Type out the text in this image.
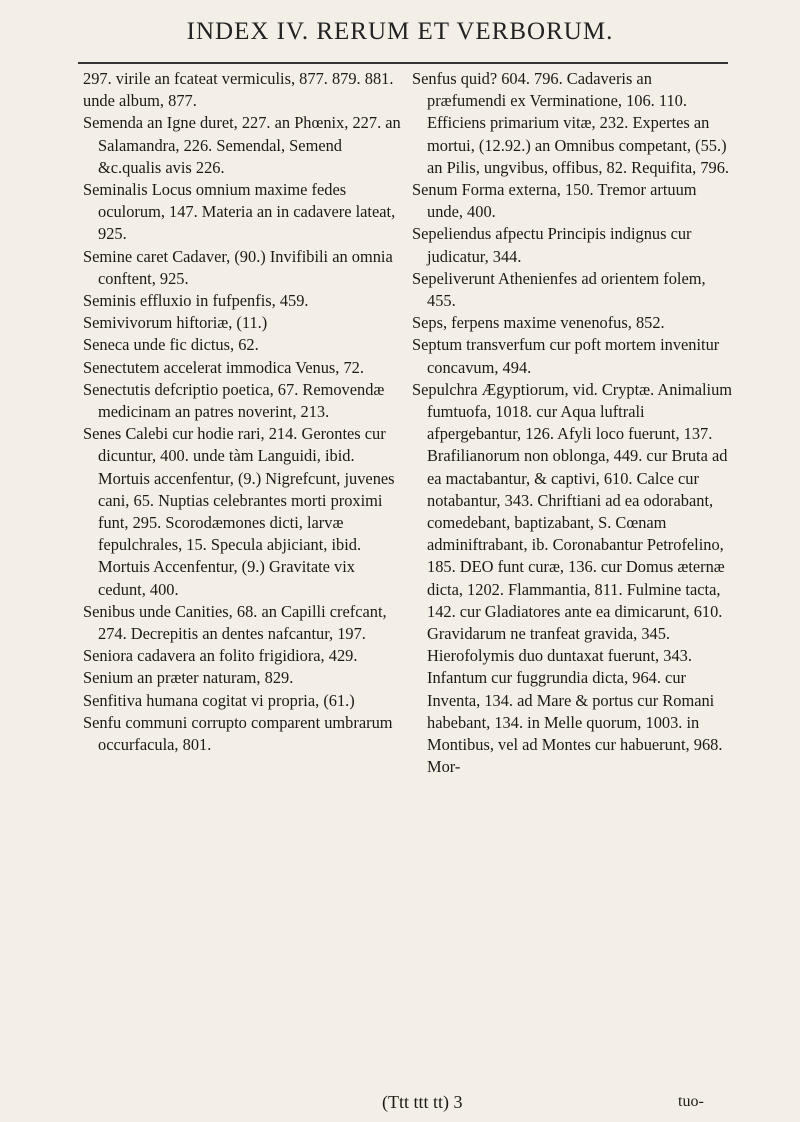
INDEX IV. RERUM ET VERBORUM.

297. virile an fcateat vermiculis, 877. 879. 881. unde album, 877.

Semenda an Igne duret, 227. an Phœnix, 227. an Salamandra, 226. Semendal, Semend &c.qualis avis 226.

Seminalis Locus omnium maxime fedes oculorum, 147. Materia an in cadavere lateat, 925.

Semine caret Cadaver, (90.) Invifibili an omnia conftent, 925.

Seminis effluxio in fufpenfis, 459.

Semivivorum hiftoriæ, (11.)

Seneca unde fic dictus, 62.

Senectutem accelerat immodica Venus, 72.

Senectutis defcriptio poetica, 67. Removendæ medicinam an patres noverint, 213.

Senes Calebi cur hodie rari, 214. Gerontes cur dicuntur, 400. unde tàm Languidi, ibid. Mortuis accenfentur, (9.) Nigrefcunt, juvenes cani, 65. Nuptias celebrantes morti proximi funt, 295. Scorodæmones dicti, larvæ fepulchrales, 15. Specula abjiciant, ibid. Mortuis Accenfentur, (9.) Gravitate vix cedunt, 400.

Senibus unde Canities, 68. an Capilli crefcant, 274. Decrepitis an dentes nafcantur, 197.

Seniora cadavera an folito frigidiora, 429.

Senium an præter naturam, 829.

Senfitiva humana cogitat vi propria, (61.)

Senfu communi corrupto comparent umbrarum occurfacula, 801.

Senfus quid? 604. 796. Cadaveris an præfumendi ex Verminatione, 106. 110. Efficiens primarium vitæ, 232. Expertes an mortui, (12.92.) an Omnibus competant, (55.) an Pilis, ungvibus, offibus, 82. Requifita, 796.

Senum Forma externa, 150. Tremor artuum unde, 400.

Sepeliendus afpectu Principis indignus cur judicatur, 344.

Sepeliverunt Athenienfes ad orientem folem, 455.

Seps, ferpens maxime venenofus, 852.

Septum transverfum cur poft mortem invenitur concavum, 494.

Sepulchra Ægyptiorum, vid. Cryptæ. Animalium fumtuofa, 1018. cur Aqua luftrali afpergebantur, 126. Afyli loco fuerunt, 137. Brafilianorum non oblonga, 449. cur Bruta ad ea mactabantur, & captivi, 610. Calce cur notabantur, 343. Chriftiani ad ea odorabant, comedebant, baptizabant, S. Cœnam adminiftrabant, ib. Coronabantur Petrofelino, 185. DEO funt curæ, 136. cur Domus æternæ dicta, 1202. Flammantia, 811. Fulmine tacta, 142. cur Gladiatores ante ea dimicarunt, 610. Gravidarum ne tranfeat gravida, 345. Hierofolymis duo duntaxat fuerunt, 343. Infantum cur fuggrundia dicta, 964. cur Inventa, 134. ad Mare & portus cur Romani habebant, 134. in Melle quorum, 1003. in Montibus, vel ad Montes cur habuerunt, 968. Mor-

(Ttt ttt tt) 3	tuo-
